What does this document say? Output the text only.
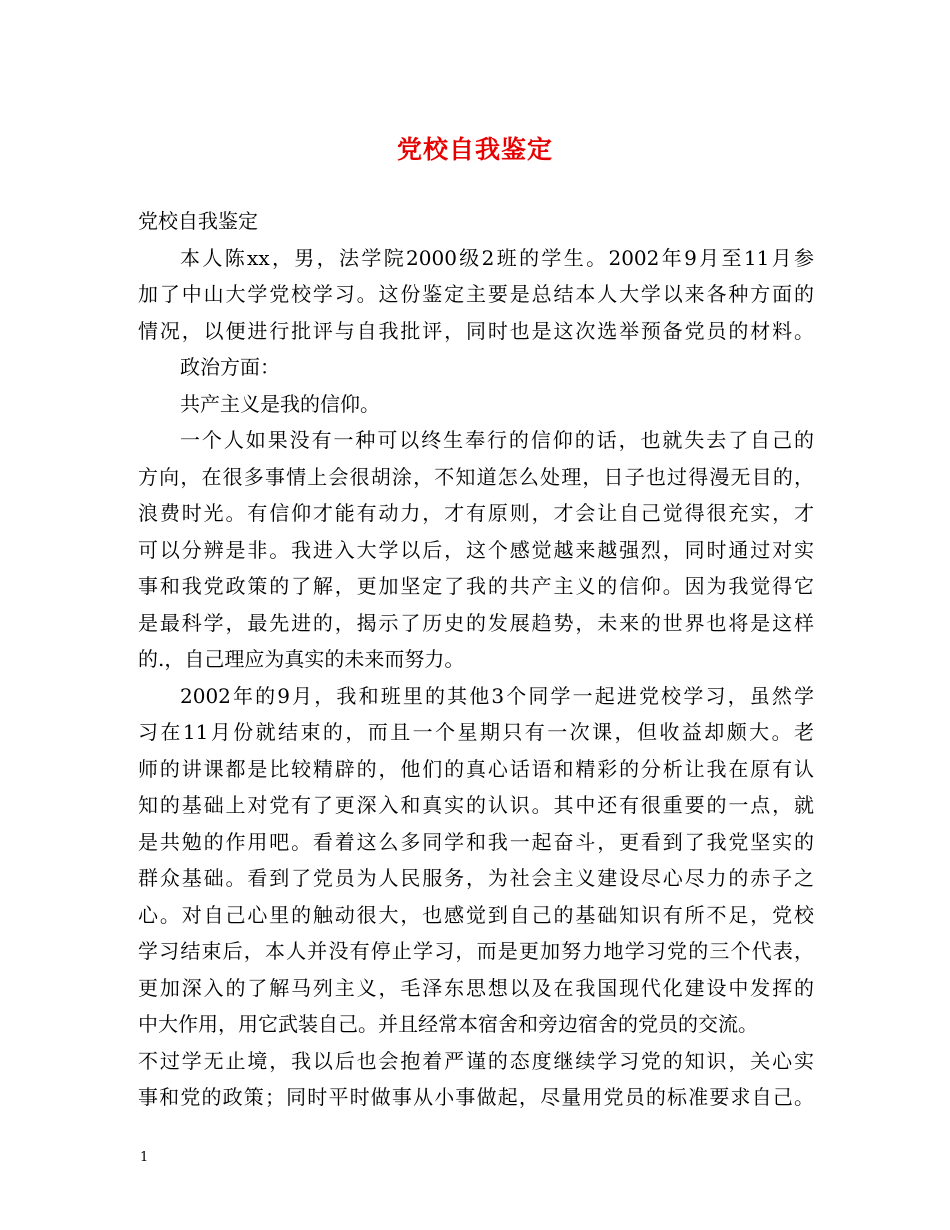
党校自我鉴定
党校自我鉴定
本人陈xx，男，法学院2000级2班的学生。2002年9月至11月参
加了中山大学党校学习。这份鉴定主要是总结本人大学以来各种方面的
情况，以便进行批评与自我批评，同时也是这次选举预备党员的材料。
政治方面：
共产主义是我的信仰。
一个人如果没有一种可以终生奉行的信仰的话，也就失去了自己的
方向，在很多事情上会很胡涂，不知道怎么处理，日子也过得漫无目的，
浪费时光。有信仰才能有动力，才有原则，才会让自己觉得很充实，才
可以分辨是非。我进入大学以后，这个感觉越来越强烈，同时通过对实
事和我党政策的了解，更加坚定了我的共产主义的信仰。因为我觉得它
是最科学，最先进的，揭示了历史的发展趋势，未来的世界也将是这样
的.，自己理应为真实的未来而努力。
2002年的9月，我和班里的其他3个同学一起进党校学习，虽然学
习在11月份就结束的，而且一个星期只有一次课，但收益却颇大。老
师的讲课都是比较精辟的，他们的真心话语和精彩的分析让我在原有认
知的基础上对党有了更深入和真实的认识。其中还有很重要的一点，就
是共勉的作用吧。看着这么多同学和我一起奋斗，更看到了我党坚实的
群众基础。看到了党员为人民服务，为社会主义建设尽心尽力的赤子之
心。对自己心里的触动很大，也感觉到自己的基础知识有所不足，党校
学习结束后，本人并没有停止学习，而是更加努力地学习党的三个代表，
更加深入的了解马列主义，毛泽东思想以及在我国现代化建设中发挥的
中大作用，用它武装自己。并且经常本宿舍和旁边宿舍的党员的交流。
不过学无止境，我以后也会抱着严谨的态度继续学习党的知识，关心实
事和党的政策；同时平时做事从小事做起，尽量用党员的标准要求自己。
1
